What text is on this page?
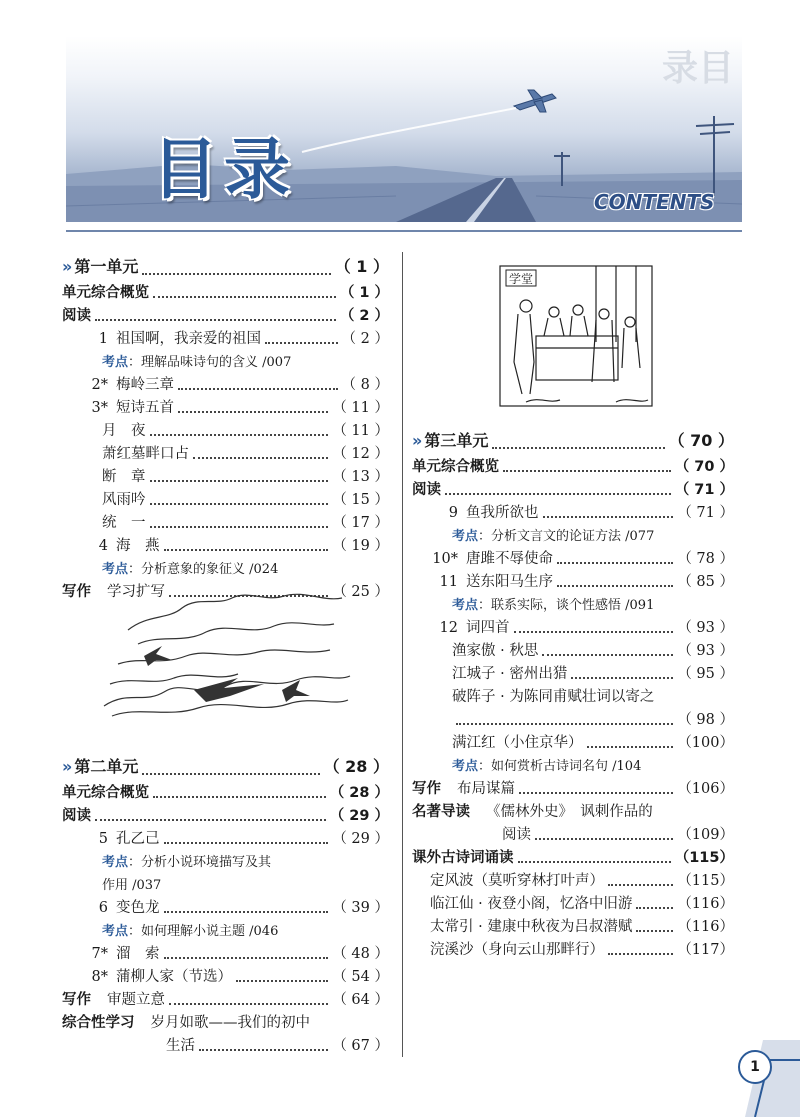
录目
目录	CONTENTS
» 第一单元	（ 1 ）
单元综合概览	（ 1 ）
阅读	（ 2 ）
1 祖国啊，我亲爱的祖国	（ 2 ）
考点 ：理解品味诗句的含义 /007
2* 梅岭三章	（ 8 ）
3* 短诗五首	（ 11 ）
月　夜	（ 11 ）
萧红墓畔口占	（ 12 ）
断　章	（ 13 ）
风雨吟	（ 15 ）
统　一	（ 17 ）
4 海　燕	（ 19 ）
考点 ：分析意象的象征义 /024
写作 学习扩写	（ 25 ）
» 第二单元	（ 28 ）
单元综合概览	（ 28 ）
阅读	（ 29 ）
5 孔乙己	（ 29 ）
考点 ：分析小说环境描写及其
作用 /037
6 变色龙	（ 39 ）
考点 ：如何理解小说主题 /046
7* 溜　索	（ 48 ）
8* 蒲柳人家（节选）	（ 54 ）
写作 审题立意	（ 64 ）
综合性学习 岁月如歌——我们的初中
生活	（ 67 ）
学堂
» 第三单元	（ 70 ）
单元综合概览	（ 70 ）
阅读	（ 71 ）
9 鱼我所欲也	（ 71 ）
考点 ：分析文言文的论证方法 /077
10* 唐雎不辱使命	（ 78 ）
11 送东阳马生序	（ 85 ）
考点 ：联系实际，谈个性感悟 /091
12 词四首	（ 93 ）
渔家傲 · 秋思	（ 93 ）
江城子 · 密州出猎	（ 95 ）
破阵子 · 为陈同甫赋壮词以寄之
（ 98 ）
满江红（小住京华）	（100）
考点 ：如何赏析古诗词名句 /104
写作 布局谋篇	（106）
名著导读 《儒林外史》　讽刺作品的
阅读	（109）
课外古诗词诵读	（115）
定风波（莫听穿林打叶声）	（115）
临江仙 · 夜登小阁，忆洛中旧游	（116）
太常引 · 建康中秋夜为吕叔潜赋	（116）
浣溪沙（身向云山那畔行）	（117）
1
